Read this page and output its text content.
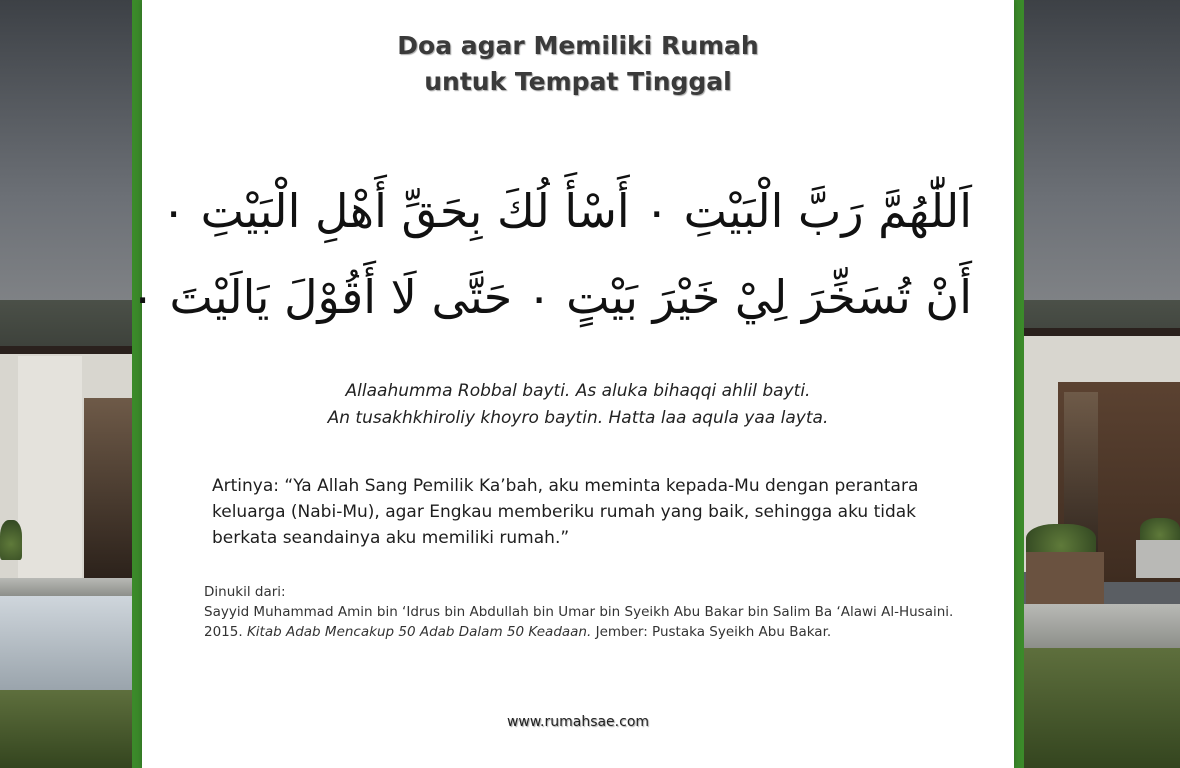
Doa agar Memiliki Rumah
untuk Tempat Tinggal
اَللّٰهُمَّ رَبَّ الْبَيْتِ ۰ أَسْأَ لُكَ بِحَقِّ أَهْلِ الْبَيْتِ ۰
أَنْ تُسَخِّرَ لِيْ خَيْرَ بَيْتٍ ۰ حَتَّى لَا أَقُوْلَ يَالَيْتَ ۰
Allaahumma Robbal bayti. As aluka bihaqqi ahlil bayti.
An tusakhkhiroliy khoyro baytin. Hatta laa aqula yaa layta.

Artinya: “Ya Allah Sang Pemilik Ka’bah, aku meminta kepada-Mu dengan perantara keluarga (Nabi-Mu), agar Engkau memberiku rumah yang baik, sehingga aku tidak berkata seandainya aku memiliki rumah.”

Dinukil dari:
Sayyid Muhammad Amin bin ‘Idrus bin Abdullah bin Umar bin Syeikh Abu Bakar bin Salim Ba ‘Alawi Al-Husaini. 2015. Kitab Adab Mencakup 50 Adab Dalam 50 Keadaan. Jember: Pustaka Syeikh Abu Bakar.
www.rumahsae.com
